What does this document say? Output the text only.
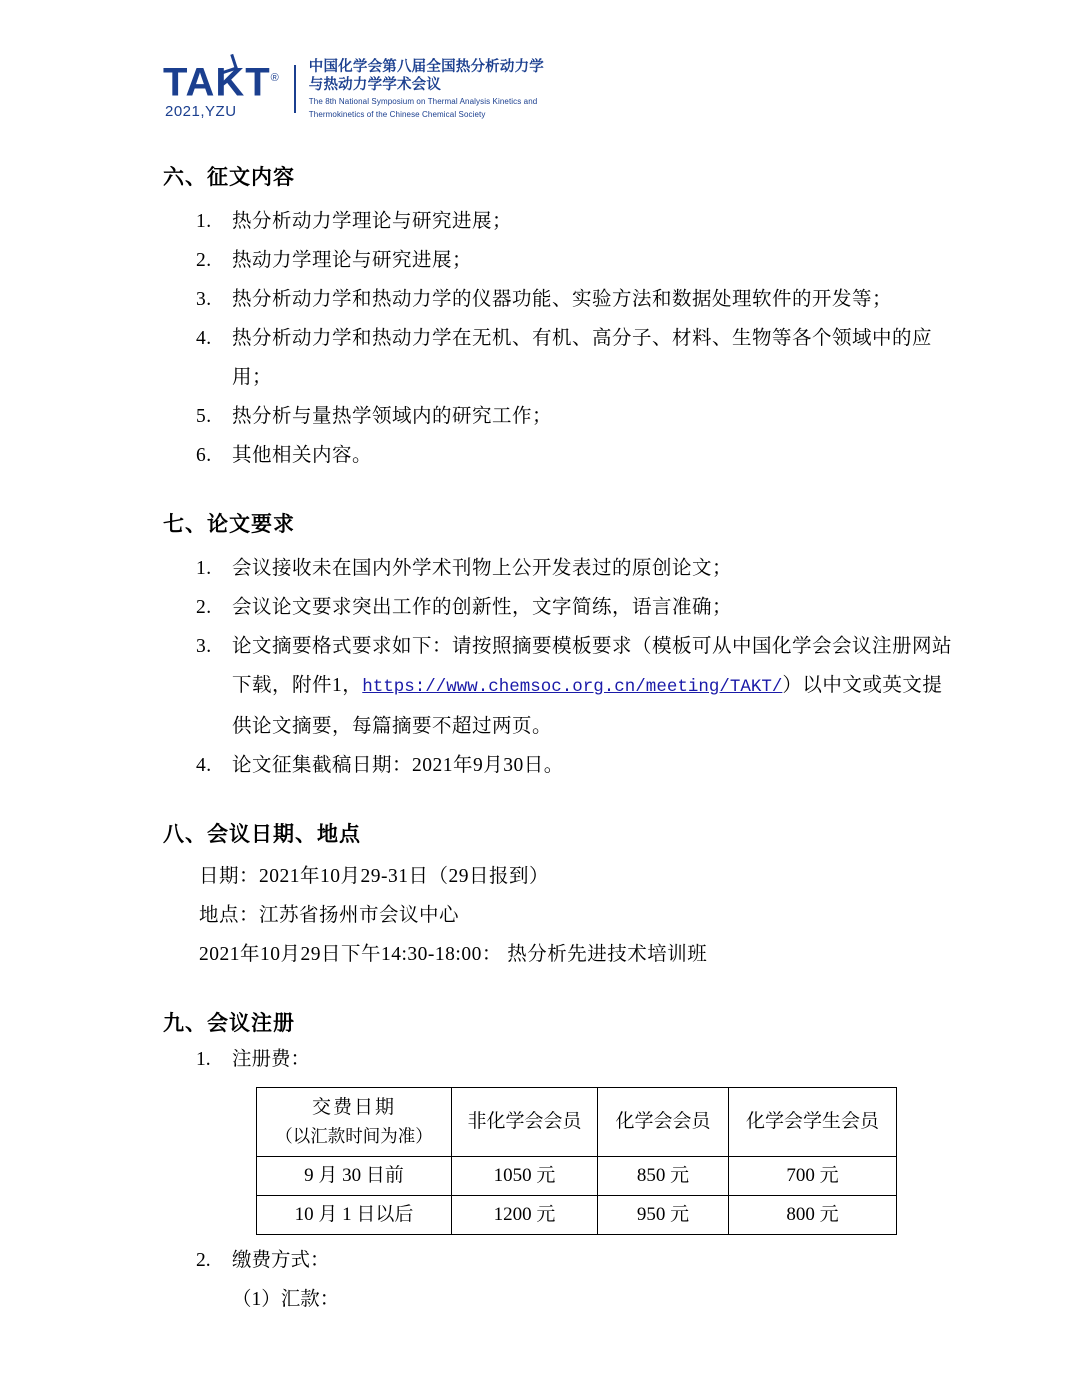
TAKT®
2021,YZU
中国化学会第八届全国热分析动力学
与热动力学学术会议
The 8th National Symposium on Thermal Analysis Kinetics and
Thermokinetics of the Chinese Chemical Society
六、征文内容
1.	热分析动力学理论与研究进展；
2.	热动力学理论与研究进展；
3.	热分析动力学和热动力学的仪器功能、实验方法和数据处理软件的开发等；
4.	热分析动力学和热动力学在无机、有机、高分子、材料、生物等各个领域中的应用；
5.	热分析与量热学领域内的研究工作；
6.	其他相关内容。
七、论文要求
1.	会议接收未在国内外学术刊物上公开发表过的原创论文；
2.	会议论文要求突出工作的创新性，文字简练，语言准确；
3.	论文摘要格式要求如下：请按照摘要模板要求（模板可从中国化学会会议注册网站下载，附件1，https://www.chemsoc.org.cn/meeting/TAKT/）以中文或英文提供论文摘要，每篇摘要不超过两页。
4.	论文征集截稿日期：2021年9月30日。
八、会议日期、地点
日期：2021年10月29-31日（29日报到）
地点：江苏省扬州市会议中心
2021年10月29日下午14:30-18:00： 热分析先进技术培训班
九、会议注册
1.	注册费：
交费日期
（以汇款时间为准）	非化学会会员	化学会会员	化学会学生会员
9 月 30 日前	1050 元	850 元	700 元
10 月 1 日以后	1200 元	950 元	800 元
2.	缴费方式：
（1）汇款：
